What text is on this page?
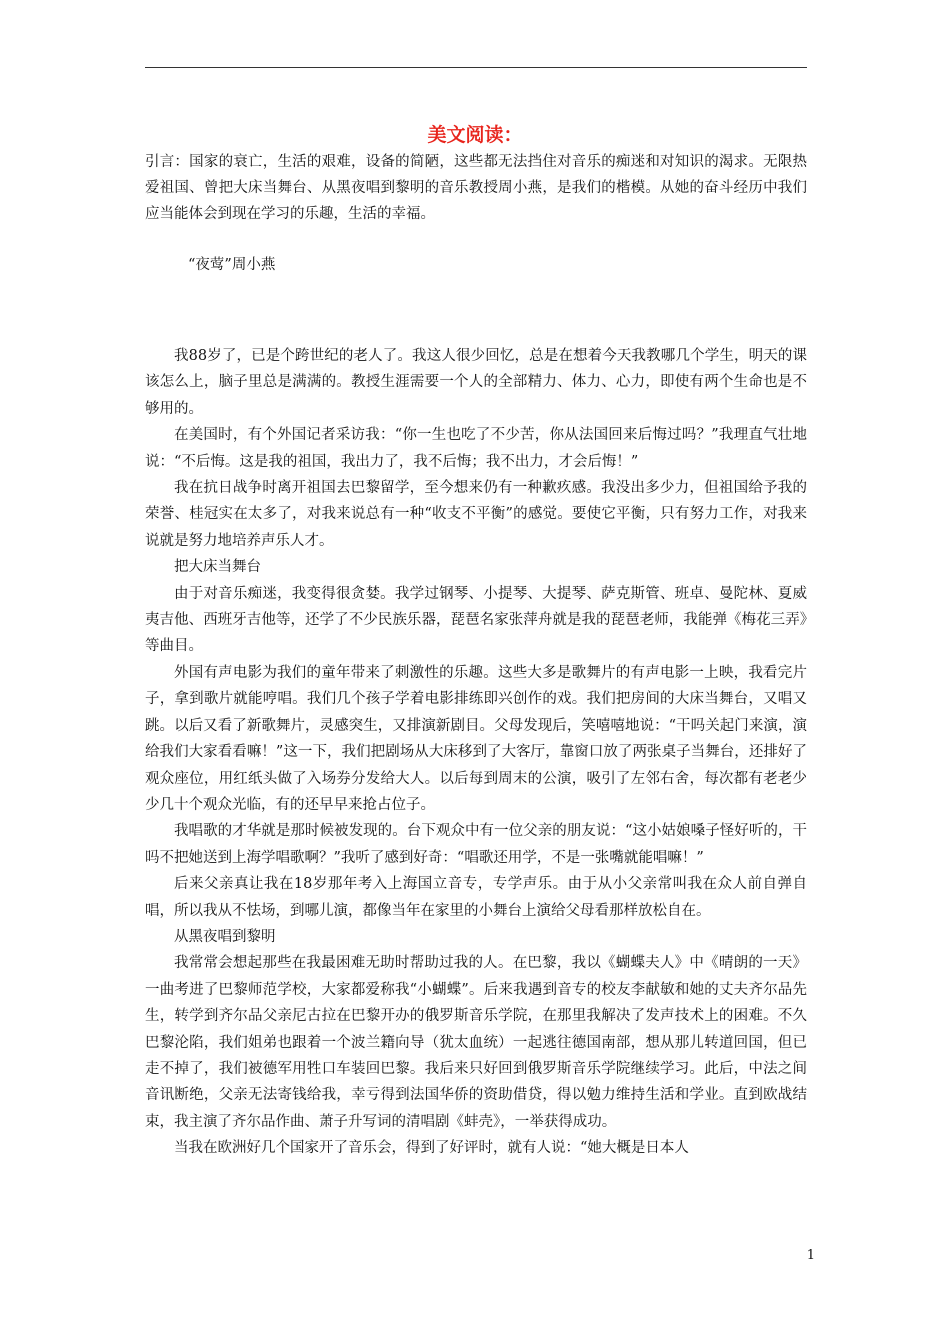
美文阅读：

引言：国家的衰亡，生活的艰难，设备的简陋，这些都无法挡住对音乐的痴迷和对知识的渴求。无限热爱祖国、曾把大床当舞台、从黑夜唱到黎明的音乐教授周小燕，是我们的楷模。从她的奋斗经历中我们应当能体会到现在学习的乐趣，生活的幸福。

“夜莺”周小燕

我88岁了，已是个跨世纪的老人了。我这人很少回忆，总是在想着今天我教哪几个学生，明天的课该怎么上，脑子里总是满满的。教授生涯需要一个人的全部精力、体力、心力，即使有两个生命也是不够用的。

在美国时，有个外国记者采访我：“你一生也吃了不少苦，你从法国回来后悔过吗？”我理直气壮地说：“不后悔。这是我的祖国，我出力了，我不后悔；我不出力，才会后悔！”

我在抗日战争时离开祖国去巴黎留学，至今想来仍有一种歉疚感。我没出多少力，但祖国给予我的荣誉、桂冠实在太多了，对我来说总有一种“收支不平衡”的感觉。要使它平衡，只有努力工作，对我来说就是努力地培养声乐人才。

把大床当舞台

由于对音乐痴迷，我变得很贪婪。我学过钢琴、小提琴、大提琴、萨克斯管、班卓、曼陀林、夏威夷吉他、西班牙吉他等，还学了不少民族乐器，琵琶名家张萍舟就是我的琵琶老师，我能弹《梅花三弄》等曲目。

外国有声电影为我们的童年带来了刺激性的乐趣。这些大多是歌舞片的有声电影一上映，我看完片子，拿到歌片就能哼唱。我们几个孩子学着电影排练即兴创作的戏。我们把房间的大床当舞台，又唱又跳。以后又看了新歌舞片，灵感突生，又排演新剧目。父母发现后，笑嘻嘻地说：“干吗关起门来演，演给我们大家看看嘛！”这一下，我们把剧场从大床移到了大客厅，靠窗口放了两张桌子当舞台，还排好了观众座位，用红纸头做了入场券分发给大人。以后每到周末的公演，吸引了左邻右舍，每次都有老老少少几十个观众光临，有的还早早来抢占位子。

我唱歌的才华就是那时候被发现的。台下观众中有一位父亲的朋友说：“这小姑娘嗓子怪好听的，干吗不把她送到上海学唱歌啊？”我听了感到好奇：“唱歌还用学，不是一张嘴就能唱嘛！”

后来父亲真让我在18岁那年考入上海国立音专，专学声乐。由于从小父亲常叫我在众人前自弹自唱，所以我从不怯场，到哪儿演，都像当年在家里的小舞台上演给父母看那样放松自在。

从黑夜唱到黎明

我常常会想起那些在我最困难无助时帮助过我的人。在巴黎，我以《蝴蝶夫人》中《晴朗的一天》一曲考进了巴黎师范学校，大家都爱称我“小蝴蝶”。后来我遇到音专的校友李献敏和她的丈夫齐尔品先生，转学到齐尔品父亲尼古拉在巴黎开办的俄罗斯音乐学院，在那里我解决了发声技术上的困难。不久巴黎沦陷，我们姐弟也跟着一个波兰籍向导（犹太血统）一起逃往德国南部，想从那儿转道回国，但已走不掉了，我们被德军用牲口车装回巴黎。我后来只好回到俄罗斯音乐学院继续学习。此后，中法之间音讯断绝，父亲无法寄钱给我，幸亏得到法国华侨的资助借贷，得以勉力维持生活和学业。直到欧战结束，我主演了齐尔品作曲、萧子升写词的清唱剧《蚌壳》，一举获得成功。

当我在欧洲好几个国家开了音乐会，得到了好评时，就有人说：“她大概是日本人

1
